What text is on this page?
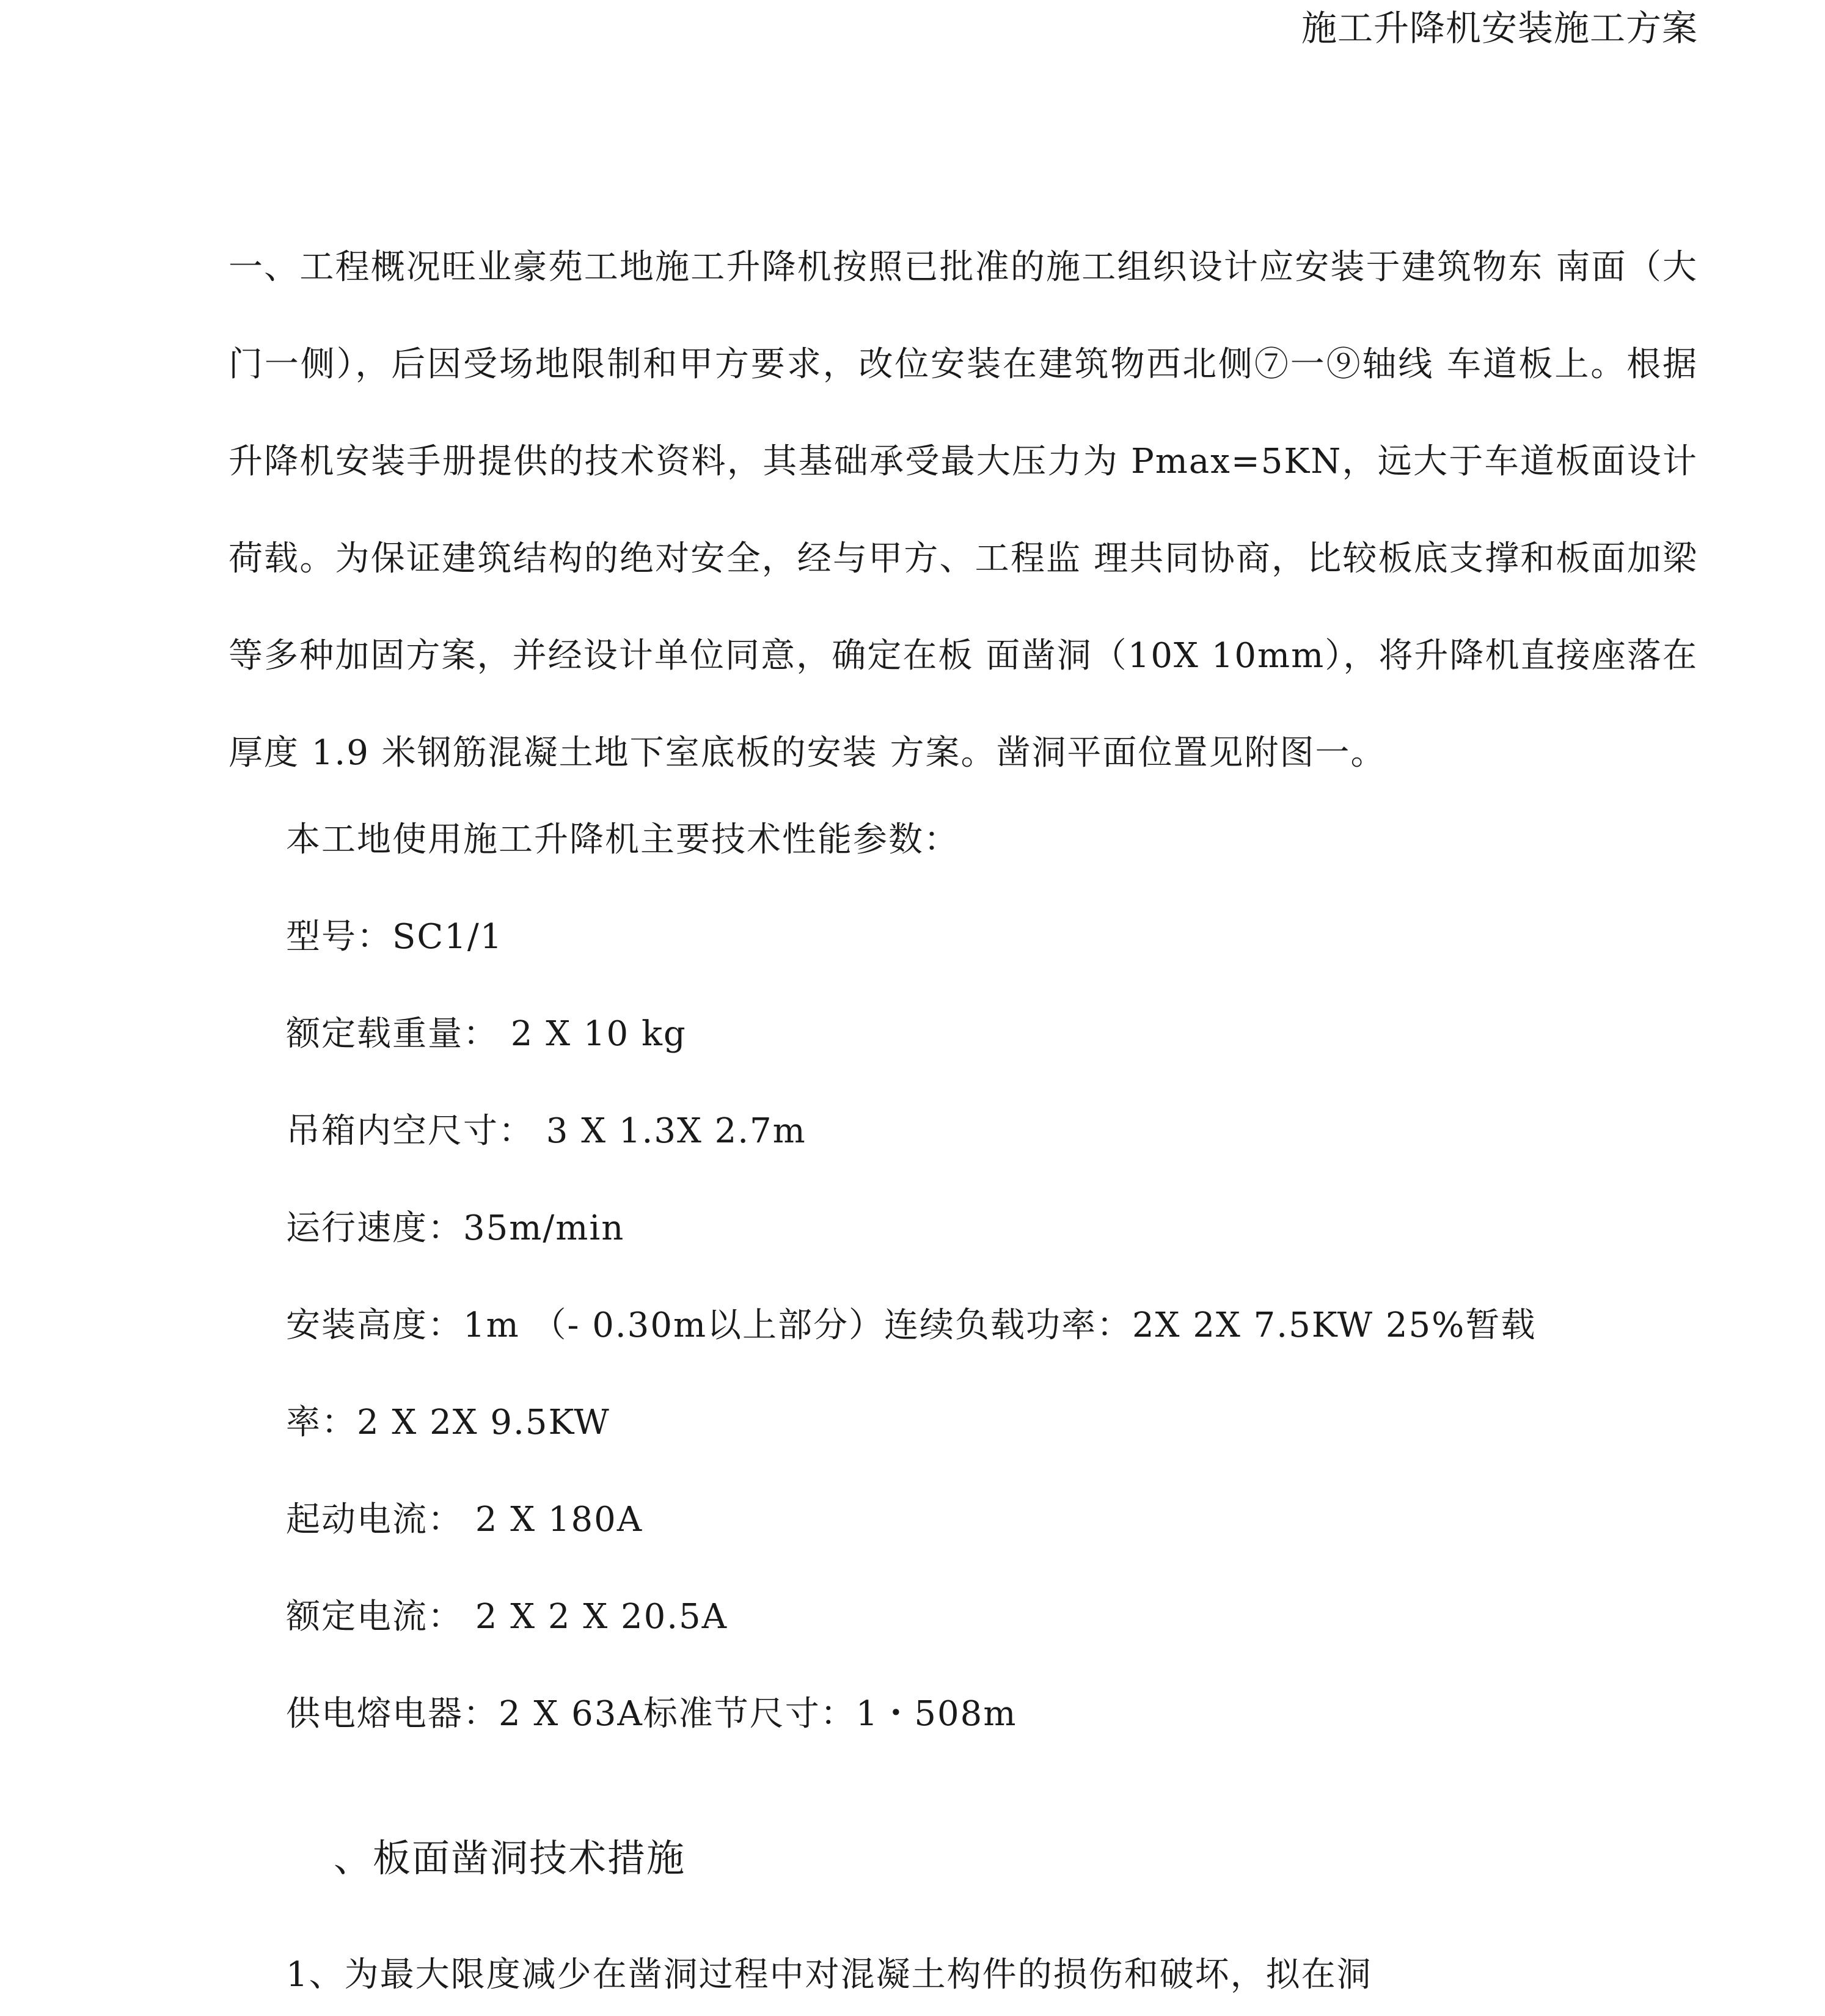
施工升降机安装施工方案
一、工程概况旺业豪苑工地施工升降机按照已批准的施工组织设计应安装于建筑物东 南面（大门一侧），后因受场地限制和甲方要求，改位安装在建筑物西北侧⑦一⑨轴线 车道板上。根据升降机安装手册提供的技术资料，其基础承受最大压力为 Pmax=5KN，远大于车道板面设计荷载。为保证建筑结构的绝对安全，经与甲方、工程监 理共同协商，比较板底支撑和板面加梁等多种加固方案，并经设计单位同意，确定在板 面凿洞（10X 10mm），将升降机直接座落在厚度 1.9 米钢筋混凝土地下室底板的安装 方案。凿洞平面位置见附图一。
本工地使用施工升降机主要技术性能参数：
型号：SC1/1
额定载重量： 2 X 10 kg
吊箱内空尺寸： 3 X 1.3X 2.7m
运行速度：35m/min
安装高度：1m （- 0.30m以上部分）连续负载功率：2X 2X 7.5KW 25%暂载
率：2 X 2X 9.5KW
起动电流： 2 X 180A
额定电流： 2 X 2 X 20.5A
供电熔电器：2 X 63A标准节尺寸：1・508m
、板面凿洞技术措施
1、为最大限度减少在凿洞过程中对混凝土构件的损伤和破坏，拟在洞
